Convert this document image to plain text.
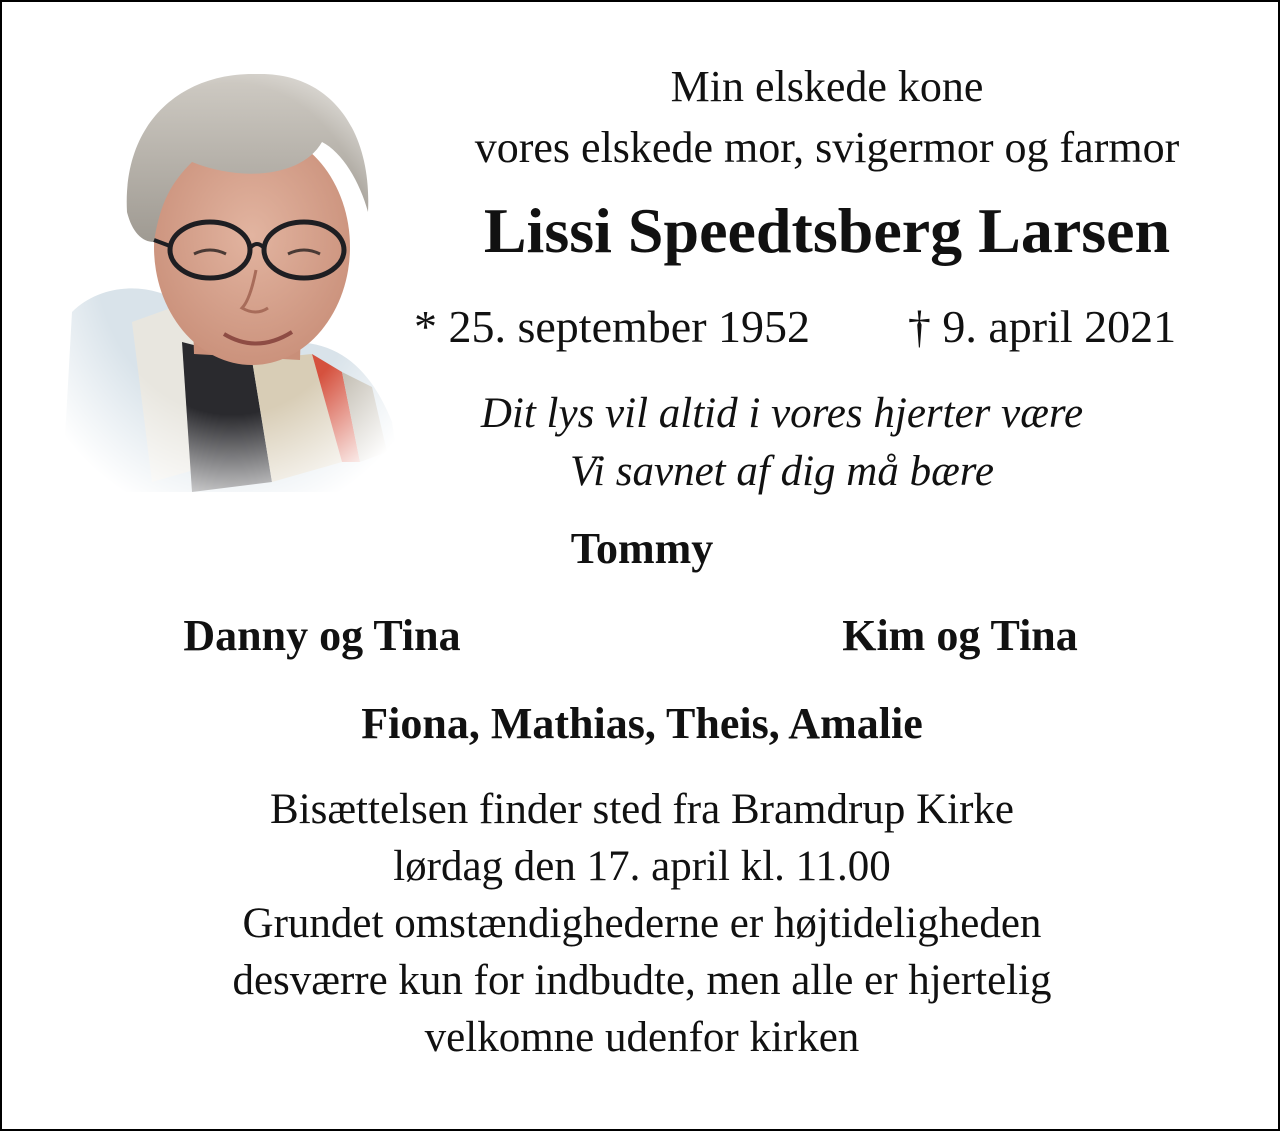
Min elskede kone
vores elskede mor, svigermor og farmor
Lissi Speedtsberg Larsen
* 25. september 1952	† 9. april 2021
Dit lys vil altid i vores hjerter være
Vi savnet af dig må bære
Tommy
Danny og Tina	Kim og Tina
Fiona, Mathias, Theis, Amalie
Bisættelsen finder sted fra Bramdrup Kirke
lørdag den 17. april kl. 11.00
Grundet omstændighederne er højtideligheden
desværre kun for indbudte, men alle er hjertelig
velkomne udenfor kirken
